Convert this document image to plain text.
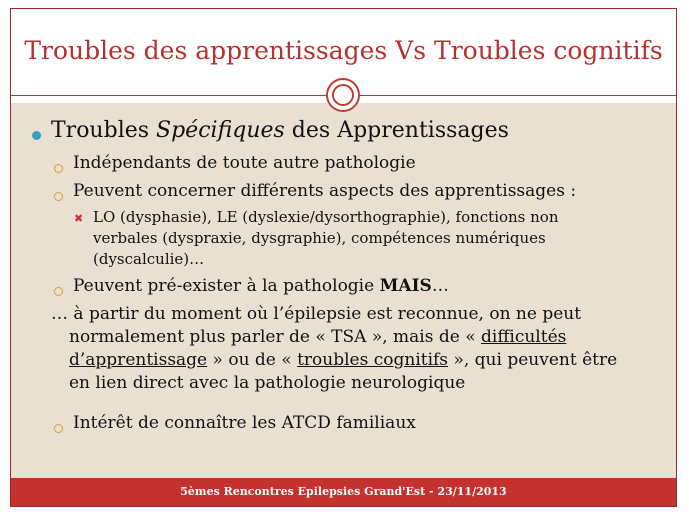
Troubles des apprentissages Vs Troubles cognitifs
Troubles Spécifiques des Apprentissages
Indépendants de toute autre pathologie
Peuvent concerner différents aspects des apprentissages :
✖ LO (dysphasie), LE (dyslexie/dysorthographie), fonctions non
verbales (dyspraxie, dysgraphie), compétences numériques
(dyscalculie)…
Peuvent pré-exister à la pathologie MAIS…
… à partir du moment où l’épilepsie est reconnue, on ne peut
normalement plus parler de « TSA », mais de « difficultés
d’apprentissage » ou de « troubles cognitifs », qui peuvent être
en lien direct avec la pathologie neurologique
Intérêt de connaître les ATCD familiaux
5èmes Rencontres Epilepsies Grand'Est - 23/11/2013
